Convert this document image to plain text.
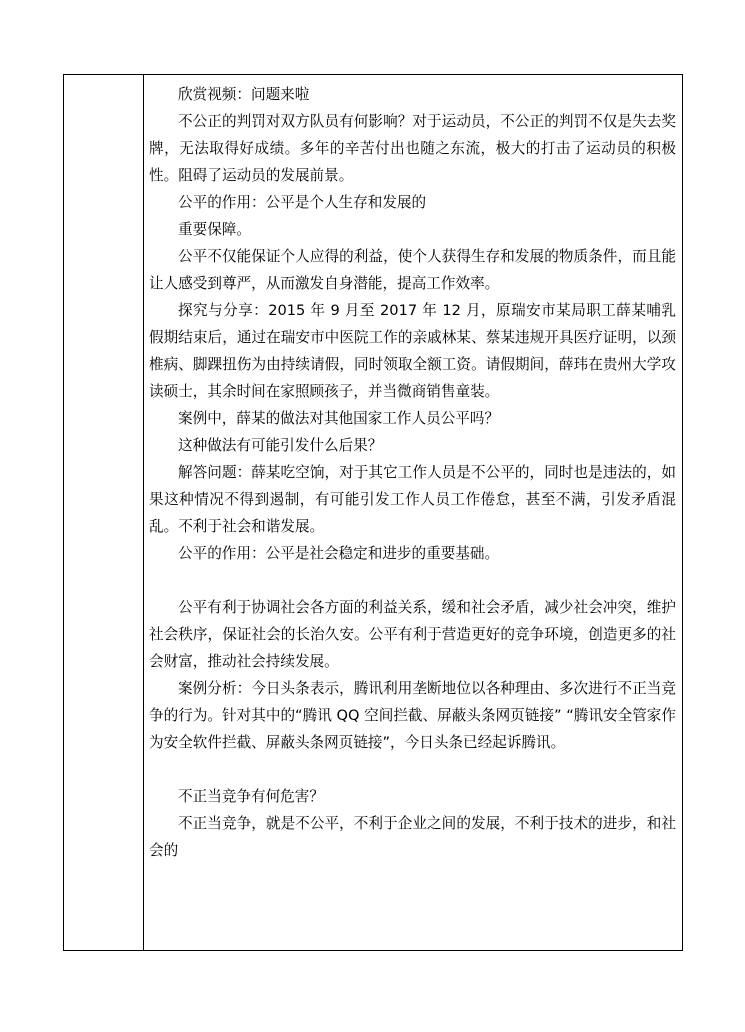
欣赏视频：问题来啦

不公正的判罚对双方队员有何影响？对于运动员，不公正的判罚不仅是失去奖牌，无法取得好成绩。多年的辛苦付出也随之东流，极大的打击了运动员的积极性。阻碍了运动员的发展前景。

公平的作用：公平是个人生存和发展的

重要保障。

公平不仅能保证个人应得的利益，使个人获得生存和发展的物质条件，而且能让人感受到尊严，从而激发自身潜能，提高工作效率。

探究与分享：2015 年 9 月至 2017 年 12 月，原瑞安市某局职工薛某哺乳假期结束后，通过在瑞安市中医院工作的亲戚林某、蔡某违规开具医疗证明，以颈椎病、脚踝扭伤为由持续请假，同时领取全额工资。请假期间，薛玮在贵州大学攻读硕士，其余时间在家照顾孩子，并当微商销售童装。

案例中，薛某的做法对其他国家工作人员公平吗？

这种做法有可能引发什么后果？

解答问题：薛某吃空饷，对于其它工作人员是不公平的，同时也是违法的，如果这种情况不得到遏制，有可能引发工作人员工作倦怠，甚至不满，引发矛盾混乱。不利于社会和谐发展。

公平的作用：公平是社会稳定和进步的重要基础。

公平有利于协调社会各方面的利益关系，缓和社会矛盾，减少社会冲突，维护社会秩序，保证社会的长治久安。公平有利于营造更好的竞争环境，创造更多的社会财富，推动社会持续发展。

案例分析：今日头条表示，腾讯利用垄断地位以各种理由、多次进行不正当竞争的行为。针对其中的“腾讯 QQ 空间拦截、屏蔽头条网页链接” “腾讯安全管家作为安全软件拦截、屏蔽头条网页链接”，今日头条已经起诉腾讯。

不正当竞争有何危害？

不正当竞争，就是不公平，不利于企业之间的发展，不利于技术的进步，和社会的
